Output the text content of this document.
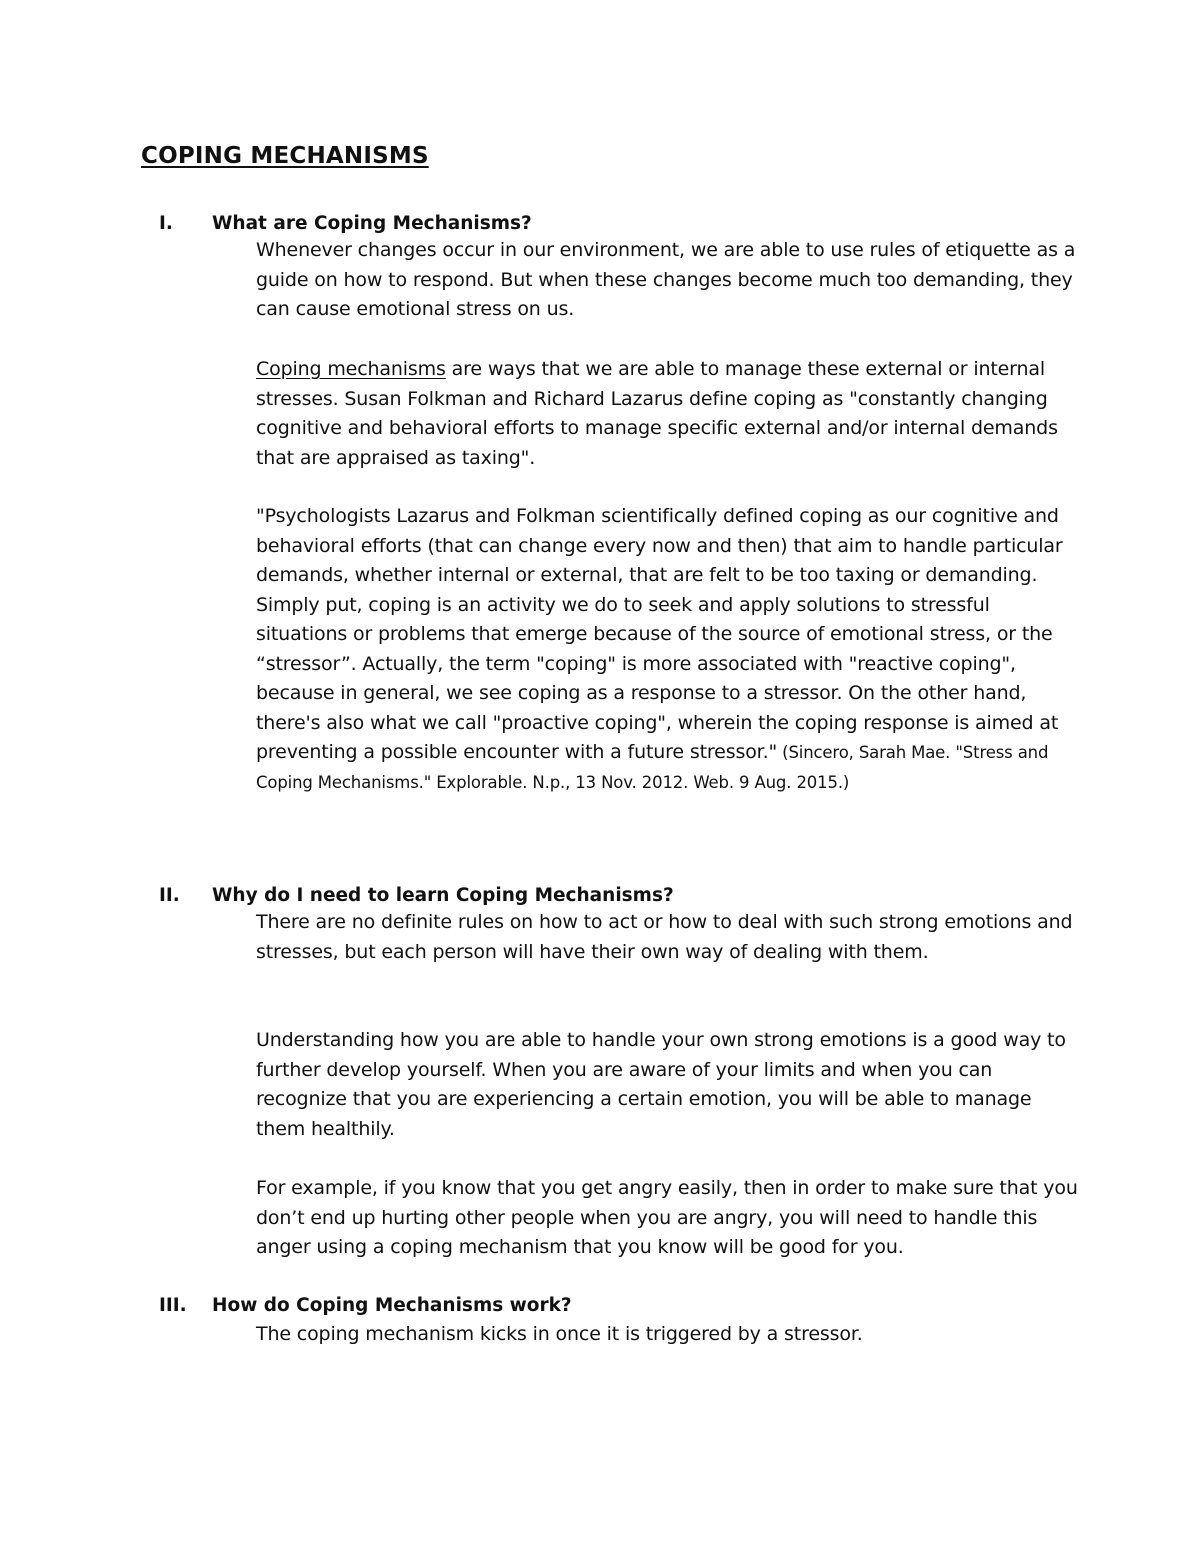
COPING MECHANISMS
I. What are Coping Mechanisms?

Whenever changes occur in our environment, we are able to use rules of etiquette as a guide on how to respond. But when these changes become much too demanding, they can cause emotional stress on us.

Coping mechanisms are ways that we are able to manage these external or internal stresses. Susan Folkman and Richard Lazarus define coping as "constantly changing cognitive and behavioral efforts to manage specific external and/or internal demands that are appraised as taxing".

"Psychologists Lazarus and Folkman scientifically defined coping as our cognitive and behavioral efforts (that can change every now and then) that aim to handle particular demands, whether internal or external, that are felt to be too taxing or demanding. Simply put, coping is an activity we do to seek and apply solutions to stressful situations or problems that emerge because of the source of emotional stress, or the “stressor”. Actually, the term "coping" is more associated with "reactive coping", because in general, we see coping as a response to a stressor. On the other hand, there's also what we call "proactive coping", wherein the coping response is aimed at preventing a possible encounter with a future stressor." (Sincero, Sarah Mae. "Stress and Coping Mechanisms." Explorable. N.p., 13 Nov. 2012. Web. 9 Aug. 2015.)

II. Why do I need to learn Coping Mechanisms?

There are no definite rules on how to act or how to deal with such strong emotions and stresses, but each person will have their own way of dealing with them.

Understanding how you are able to handle your own strong emotions is a good way to further develop yourself. When you are aware of your limits and when you can recognize that you are experiencing a certain emotion, you will be able to manage them healthily.

For example, if you know that you get angry easily, then in order to make sure that you don’t end up hurting other people when you are angry, you will need to handle this anger using a coping mechanism that you know will be good for you.

III. How do Coping Mechanisms work?

The coping mechanism kicks in once it is triggered by a stressor.
